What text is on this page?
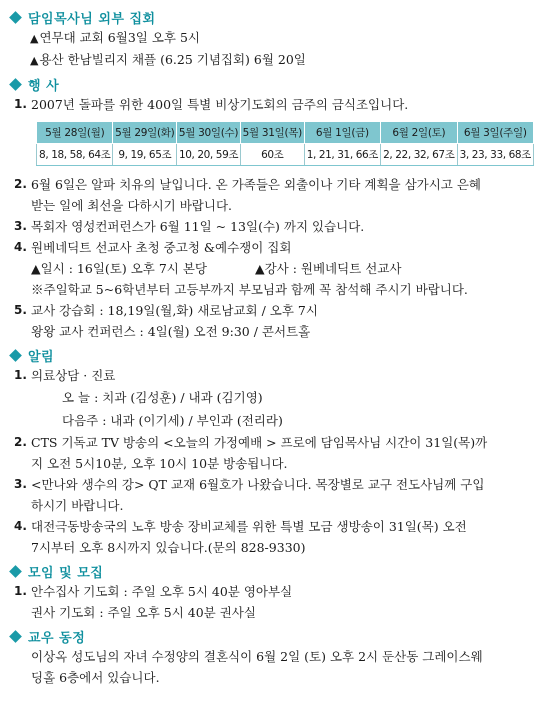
담임목사님 외부 집회
▲연무대 교회 6월3일 오후 5시
▲용산 한남빌리지 채플 (6.25 기념집회) 6월 20일
행 사
1. 2007년 돌파를 위한 400일 특별 비상기도회의 금주의 금식조입니다.
5월 28일(월)	5월 29일(화)	5월 30일(수)	5월 31일(목)	6월 1일(금)	6월 2일(토)	6월 3일(주일)
8, 18, 58, 64조	9, 19, 65조	10, 20, 59조	60조	1, 21, 31, 66조	2, 22, 32, 67조	3, 23, 33, 68조
2. 6월 6일은 알파 치유의 날입니다. 온 가족들은 외출이나 기타 계획을 삼가시고 은혜
받는 일에 최선을 다하시기 바랍니다.
3. 목회자 영성컨퍼런스가 6월 11일 ~ 13일(수) 까지 있습니다.
4. 원베네딕트 선교사 초청 중고청 &예수쟁이 집회
▲일시 : 16일(토) 오후 7시 본당	▲강사 : 원베네딕트 선교사
※주일학교 5~6학년부터 고등부까지 부모님과 함께 꼭 참석해 주시기 바랍니다.
5. 교사 강습회 : 18,19일(월,화) 새로남교회 / 오후 7시
왕왕 교사 컨퍼런스 : 4일(월) 오전 9:30 / 콘서트홀
알림
1. 의료상담 · 진료
오 늘 : 치과 (김성훈) / 내과 (김기영)
다음주 : 내과 (이기세) / 부인과 (전리라)
2. CTS 기독교 TV 방송의 <오늘의 가정예배 > 프로에 담임목사님 시간이 31일(목)까
지 오전 5시10분, 오후 10시 10분 방송됩니다.
3. <만나와 생수의 강> QT 교재 6월호가 나왔습니다. 목장별로 교구 전도사님께 구입
하시기 바랍니다.
4. 대전극동방송국의 노후 방송 장비교체를 위한 특별 모금 생방송이 31일(목) 오전
7시부터 오후 8시까지 있습니다.(문의 828-9330)
모임 및 모집
1. 안수집사 기도회 : 주일 오후 5시 40분 영아부실
권사 기도회 : 주일 오후 5시 40분 권사실
교우 동정
이상옥 성도님의 자녀 수정양의 결혼식이 6월 2일 (토) 오후 2시 둔산동 그레이스웨
딩홀 6층에서 있습니다.
